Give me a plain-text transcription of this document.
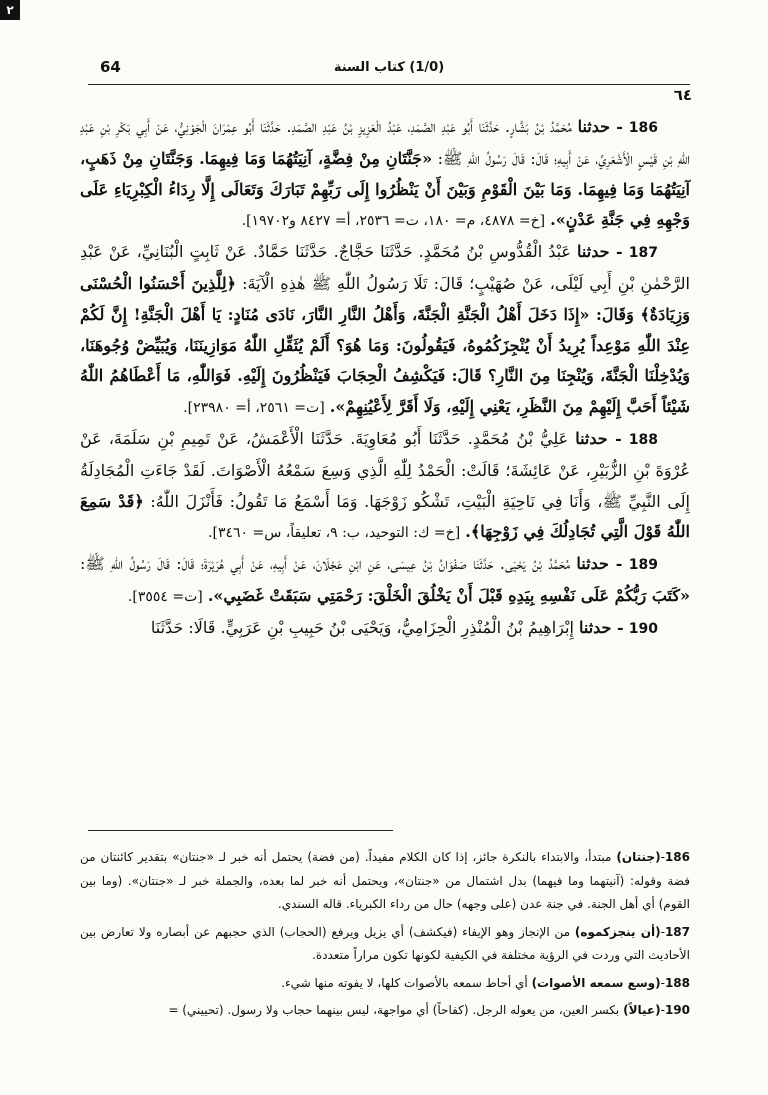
٢
64	(1/0) كتاب السنة
٦٤

186 - حدثنا مُحَمَّدُ بْنُ بَشَّارٍ. حَدَّثَنَا أَبُو عَبْدِ الصَّمَدِ، عَبْدُ الْعَزِيزِ بْنُ عَبْدِ الصَّمَدِ. حَدَّثَنَا أَبُو عِمْرَانَ الْجَوْنِيُّ، عَنْ أَبِي بَكْرِ بْنِ عَبْدِ اللّٰهِ بْنِ قَيْسٍ الْأَشْعَرِيِّ، عَنْ أَبِيهِ؛ قَالَ: قَالَ رَسُولُ اللّٰهِ ﷺ: «جَنَّتَانِ مِنْ فِضَّةٍ، آنِيَتُهُمَا وَمَا فِيهِمَا. وَجَنَّتَانِ مِنْ ذَهَبٍ، آنِيَتُهُمَا وَمَا فِيهِمَا. وَمَا بَيْنَ الْقَوْمِ وَبَيْنَ أَنْ يَنْظُرُوا إِلَى رَبِّهِمْ تَبَارَكَ وَتَعَالَى إِلَّا رِدَاءُ الْكِبْرِيَاءِ عَلَى وَجْهِهِ فِي جَنَّةِ عَدْنٍ». [خ= ٤٨٧٨، م= ١٨٠، ت= ٢٥٣٦، أ= ٨٤٢٧ و١٩٧٠٢].

187 - حدثنا عَبْدُ الْقُدُّوسِ بْنُ مُحَمَّدٍ. حَدَّثَنَا حَجَّاجٌ. حَدَّثَنَا حَمَّادٌ. عَنْ ثَابِتٍ الْبُنَانِيِّ، عَنْ عَبْدِ الرَّحْمٰنِ بْنِ أَبِي لَيْلَى، عَنْ صُهَيْبٍ؛ قَالَ: تَلَا رَسُولُ اللّٰهِ ﷺ هٰذِهِ الْآيَةَ: ﴿لِلَّذِينَ أَحْسَنُوا الْحُسْنَى وَزِيَادَةٌ﴾ وَقَالَ: «إِذَا دَخَلَ أَهْلُ الْجَنَّةِ الْجَنَّةَ، وَأَهْلُ النَّارِ النَّارَ، نَادَى مُنَادٍ: يَا أَهْلَ الْجَنَّةِ! إِنَّ لَكُمْ عِنْدَ اللّٰهِ مَوْعِداً يُرِيدُ أَنْ يُنْجِزَكُمُوهُ، فَيَقُولُونَ: وَمَا هُوَ؟ أَلَمْ يُثَقِّلِ اللّٰهُ مَوَازِينَنَا، وَيُبَيِّضْ وُجُوهَنَا، وَيُدْخِلْنَا الْجَنَّةَ، وَيُنْجِنَا مِنَ النَّارِ؟ قَالَ: فَيَكْشِفُ الْحِجَابَ فَيَنْظُرُونَ إِلَيْهِ. فَوَاللّٰهِ، مَا أَعْطَاهُمُ اللّٰهُ شَيْئاً أَحَبَّ إِلَيْهِمْ مِنَ النَّظَرِ، يَعْنِي إِلَيْهِ، وَلَا أَقَرَّ لِأَعْيُنِهِمْ». [ت= ٢٥٦١، أ= ٢٣٩٨٠].

188 - حدثنا عَلِيُّ بْنُ مُحَمَّدٍ. حَدَّثَنَا أَبُو مُعَاوِيَةَ. حَدَّثَنَا الْأَعْمَشُ، عَنْ تَمِيمِ بْنِ سَلَمَةَ، عَنْ عُرْوَةَ بْنِ الزُّبَيْرِ، عَنْ عَائِشَةَ؛ قَالَتْ: الْحَمْدُ لِلّٰهِ الَّذِي وَسِعَ سَمْعُهُ الْأَصْوَاتَ. لَقَدْ جَاءَتِ الْمُجَادِلَةُ إِلَى النَّبِيِّ ﷺ، وَأَنَا فِي نَاحِيَةِ الْبَيْتِ، تَشْكُو زَوْجَهَا. وَمَا أَسْمَعُ مَا تَقُولُ: فَأَنْزَلَ اللّٰهُ: ﴿قَدْ سَمِعَ اللّٰهُ قَوْلَ الَّتِي تُجَادِلُكَ فِي زَوْجِهَا﴾. [خ= ك: التوحيد، ب: ٩، تعليقاً، س= ٣٤٦٠].

189 - حدثنا مُحَمَّدُ بْنُ يَحْيَى. حَدَّثَنَا صَفْوَانُ بْنُ عِيسَى، عَنِ ابْنِ عَجْلَانَ، عَنْ أَبِيهِ، عَنْ أَبِي هُرَيْرَةَ؛ قَالَ: قَالَ رَسُولُ اللّٰهِ ﷺ: «كَتَبَ رَبُّكُمْ عَلَى نَفْسِهِ بِيَدِهِ قَبْلَ أَنْ يَخْلُقَ الْخَلْقَ: رَحْمَتِي سَبَقَتْ غَضَبِي». [ت= ٣٥٥٤].

190 - حدثنا إِبْرَاهِيمُ بْنُ الْمُنْذِرِ الْحِزَامِيُّ، وَيَحْيَى بْنُ حَبِيبِ بْنِ عَرَبِيٍّ. قَالَا: حَدَّثَنَا

186-(جنتان) مبتدأ، والابتداء بالنكرة جائز، إذا كان الكلام مفيداً. (من فضة) يحتمل أنه خبر لـ «جنتان» بتقدير كائنتان من فضة وقوله: (آنيتهما وما فيهما) بدل اشتمال من «جنتان»، ويحتمل أنه خبر لما بعده، والجملة خبر لـ «جنتان». (وما بين القوم) أي أهل الجنة. في جنة عدن (على وجهه) حال من رداء الكبرياء. قاله السندي.

187-(أن ينجزكموه) من الإنجاز وهو الإيفاء (فيكشف) أي يزيل ويرفع (الحجاب) الذي حجبهم عن أبصاره ولا تعارض بين الأحاديث التي وردت في الرؤية مختلفة في الكيفية لكونها تكون مراراً متعددة.

188-(وسع سمعه الأصوات) أي أحاط سمعه بالأصوات كلها، لا يفوته منها شيء.

190-(عيالاً) بكسر العين، من يعوله الرجل. (كفاحاً) أي مواجهة، ليس بينهما حجاب ولا رسول. (تحييني) =
